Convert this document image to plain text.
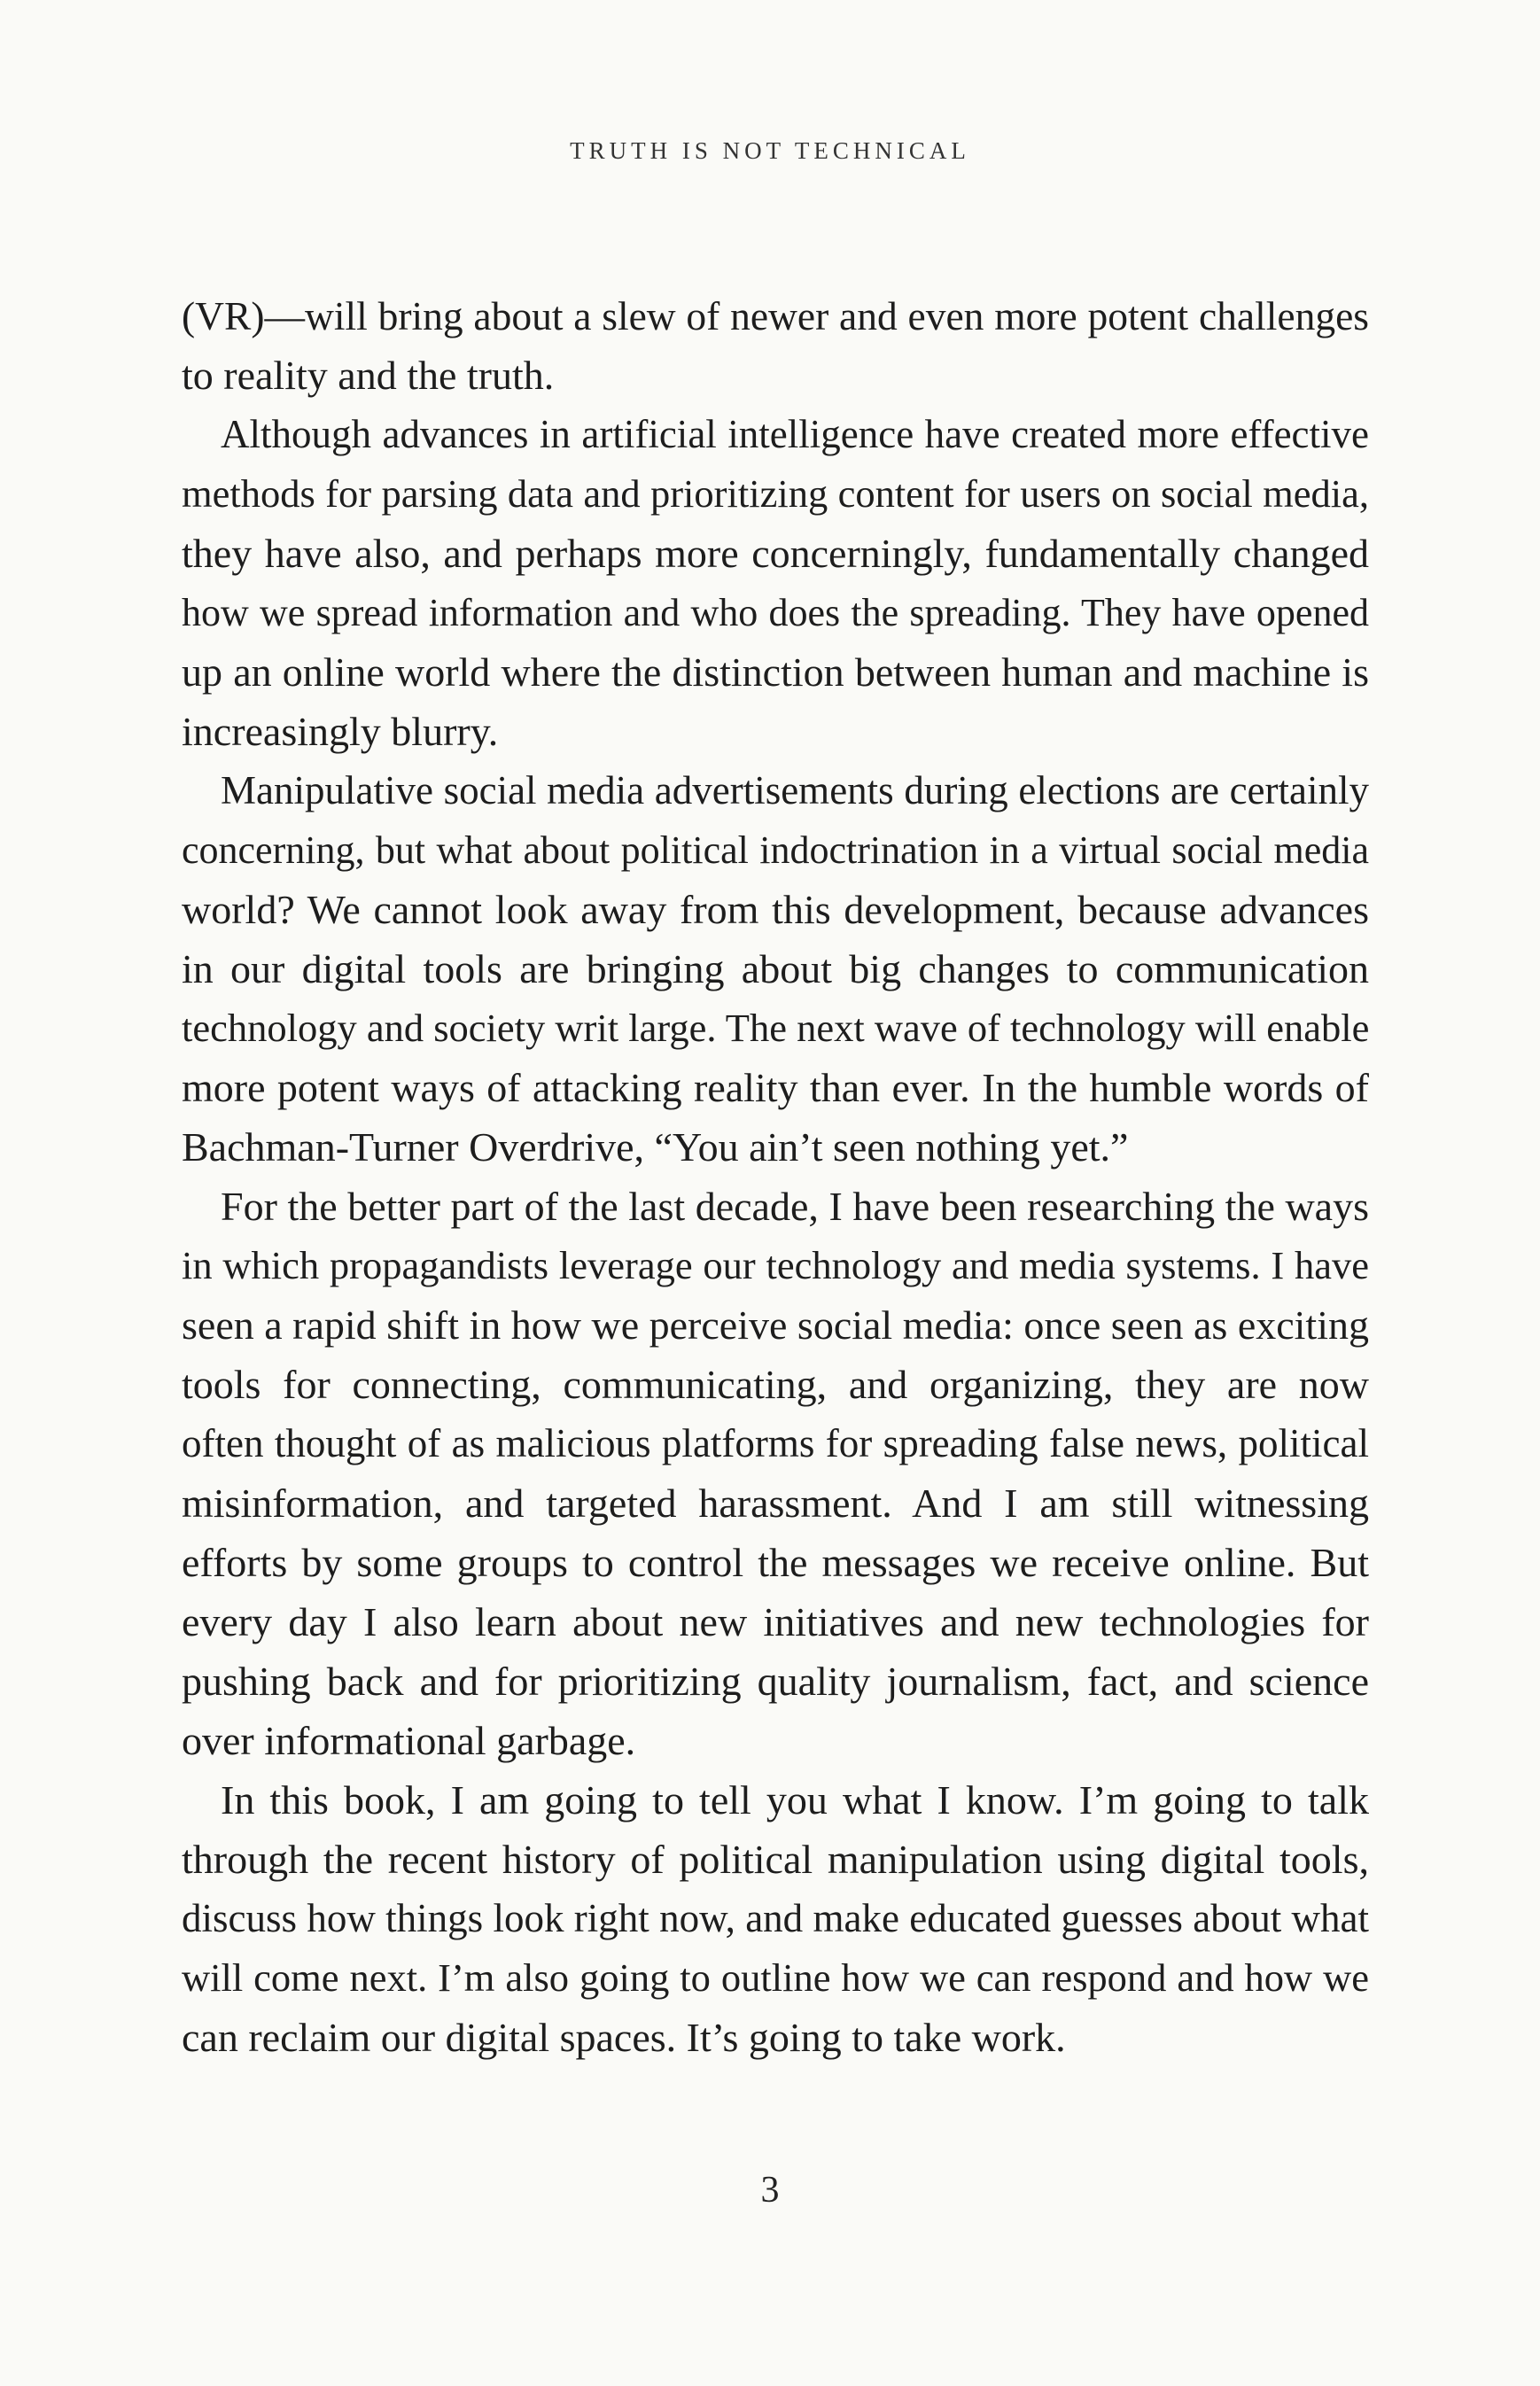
TRUTH IS NOT TECHNICAL
(VR)—will bring about a slew of newer and even more potent challenges
to reality and the truth.
Although advances in artificial intelligence have created more effective
methods for parsing data and prioritizing content for users on social media,
they have also, and perhaps more concerningly, fundamentally changed
how we spread information and who does the spreading. They have opened
up an online world where the distinction between human and machine is
increasingly blurry.
Manipulative social media advertisements during elections are certainly
concerning, but what about political indoctrination in a virtual social media
world? We cannot look away from this development, because advances
in our digital tools are bringing about big changes to communication
technology and society writ large. The next wave of technology will enable
more potent ways of attacking reality than ever. In the humble words of
Bachman-Turner Overdrive, “You ain’t seen nothing yet.”
For the better part of the last decade, I have been researching the ways
in which propagandists leverage our technology and media systems. I have
seen a rapid shift in how we perceive social media: once seen as exciting
tools for connecting, communicating, and organizing, they are now
often thought of as malicious platforms for spreading false news, political
misinformation, and targeted harassment. And I am still witnessing
efforts by some groups to control the messages we receive online. But
every day I also learn about new initiatives and new technologies for
pushing back and for prioritizing quality journalism, fact, and science
over informational garbage.
In this book, I am going to tell you what I know. I’m going to talk
through the recent history of political manipulation using digital tools,
discuss how things look right now, and make educated guesses about what
will come next. I’m also going to outline how we can respond and how we
can reclaim our digital spaces. It’s going to take work.
3
